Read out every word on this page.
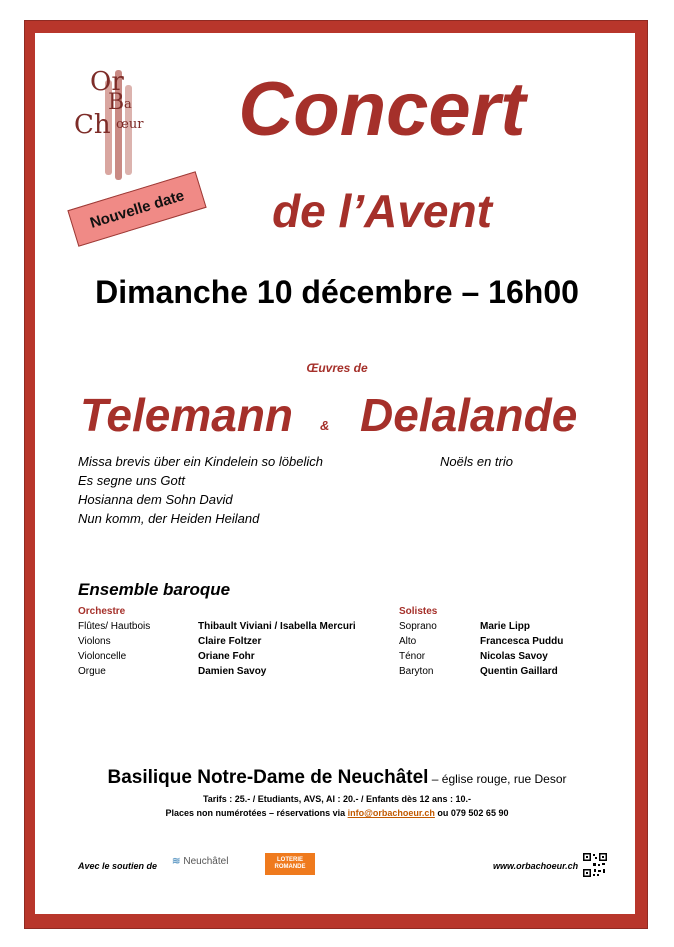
Or
B a
Ch œur
Nouvelle date
Concert
de l’Avent
Dimanche 10 décembre – 16h00
Œuvres de
Telemann & Delalande
Missa brevis über ein Kindelein so löbelich
Es segne uns Gott
Hosianna dem Sohn David
Nun komm, der Heiden Heiland
Noëls en trio
Ensemble baroque
Orchestre
Flûtes/ Hautbois	Thibault Viviani / Isabella Mercuri
Violons	Claire Foltzer
Violoncelle	Oriane Fohr
Orgue	Damien Savoy
Solistes
Soprano	Marie Lipp
Alto	Francesca Puddu
Ténor	Nicolas Savoy
Baryton	Quentin Gaillard
Basilique Notre-Dame de Neuchâtel – église rouge, rue Desor
Tarifs : 25.- / Etudiants, AVS, AI : 20.- / Enfants dès 12 ans : 10.-
Places non numérotées – réservations via info@orbachoeur.ch ou 079 502 65 90
Avec le soutien de ≋ Neuchâtel	LOTERIE
ROMANDE	www.orbachoeur.ch
